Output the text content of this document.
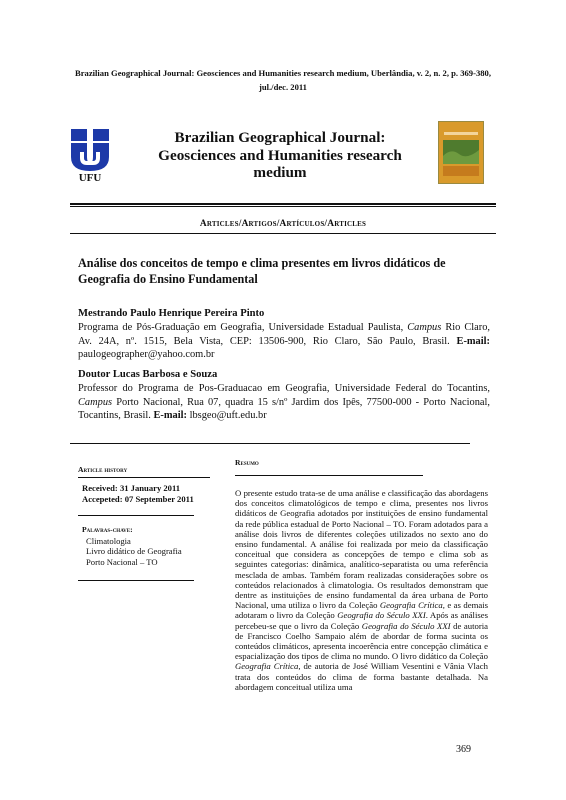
Brazilian Geographical Journal: Geosciences and Humanities research medium, Uberlândia, v. 2, n. 2, p. 369-380, jul./dec. 2011
UFU
Brazilian Geographical Journal: Geosciences and Humanities research medium
Articles/Artigos/Artículos/Articles
Análise dos conceitos de tempo e clima presentes em livros didáticos de Geografia do Ensino Fundamental
Mestrando Paulo Henrique Pereira Pinto
Programa de Pós-Graduação em Geografia, Universidade Estadual Paulista, Campus Rio Claro, Av. 24A, nº. 1515, Bela Vista, CEP: 13506-900, Rio Claro, São Paulo, Brasil. E-mail: paulogeographer@yahoo.com.br
Doutor Lucas Barbosa e Souza
Professor do Programa de Pos-Graduacao em Geografia, Universidade Federal do Tocantins, Campus Porto Nacional, Rua 07, quadra 15 s/nº Jardim dos Ipês, 77500-000 - Porto Nacional, Tocantins, Brasil. E-mail: lbsgeo@uft.edu.br
Article history
Received: 31 January 2011
Accepeted: 07 September 2011
Palavras-chave:
Climatologia
Livro didático de Geografia
Porto Nacional – TO
Resumo
O presente estudo trata-se de uma análise e classificação das abordagens dos conceitos climatológicos de tempo e clima, presentes nos livros didáticos de Geografia adotados por instituições de ensino fundamental da rede pública estadual de Porto Nacional – TO. Foram adotados para a análise dois livros de diferentes coleções utilizados no sexto ano do ensino fundamental. A análise foi realizada por meio da classificação conceitual que considera as concepções de tempo e clima sob as seguintes categorias: dinâmica, analítico-separatista ou uma referência mesclada de ambas. Também foram realizadas considerações sobre os conteúdos relacionados à climatologia. Os resultados demonstram que dentre as instituições de ensino fundamental da área urbana de Porto Nacional, uma utiliza o livro da Coleção Geografia Crítica, e as demais adotaram o livro da Coleção Geografia do Século XXI. Após as análises percebeu-se que o livro da Coleção Geografia do Século XXI de autoria de Francisco Coelho Sampaio além de abordar de forma sucinta os conteúdos climáticos, apresenta incoerência entre concepção climática e espacialização dos tipos de clima no mundo. O livro didático da Coleção Geografia Crítica, de autoria de José William Vesentini e Vânia Vlach trata dos conteúdos do clima de forma bastante detalhada. Na abordagem conceitual utiliza uma
369
